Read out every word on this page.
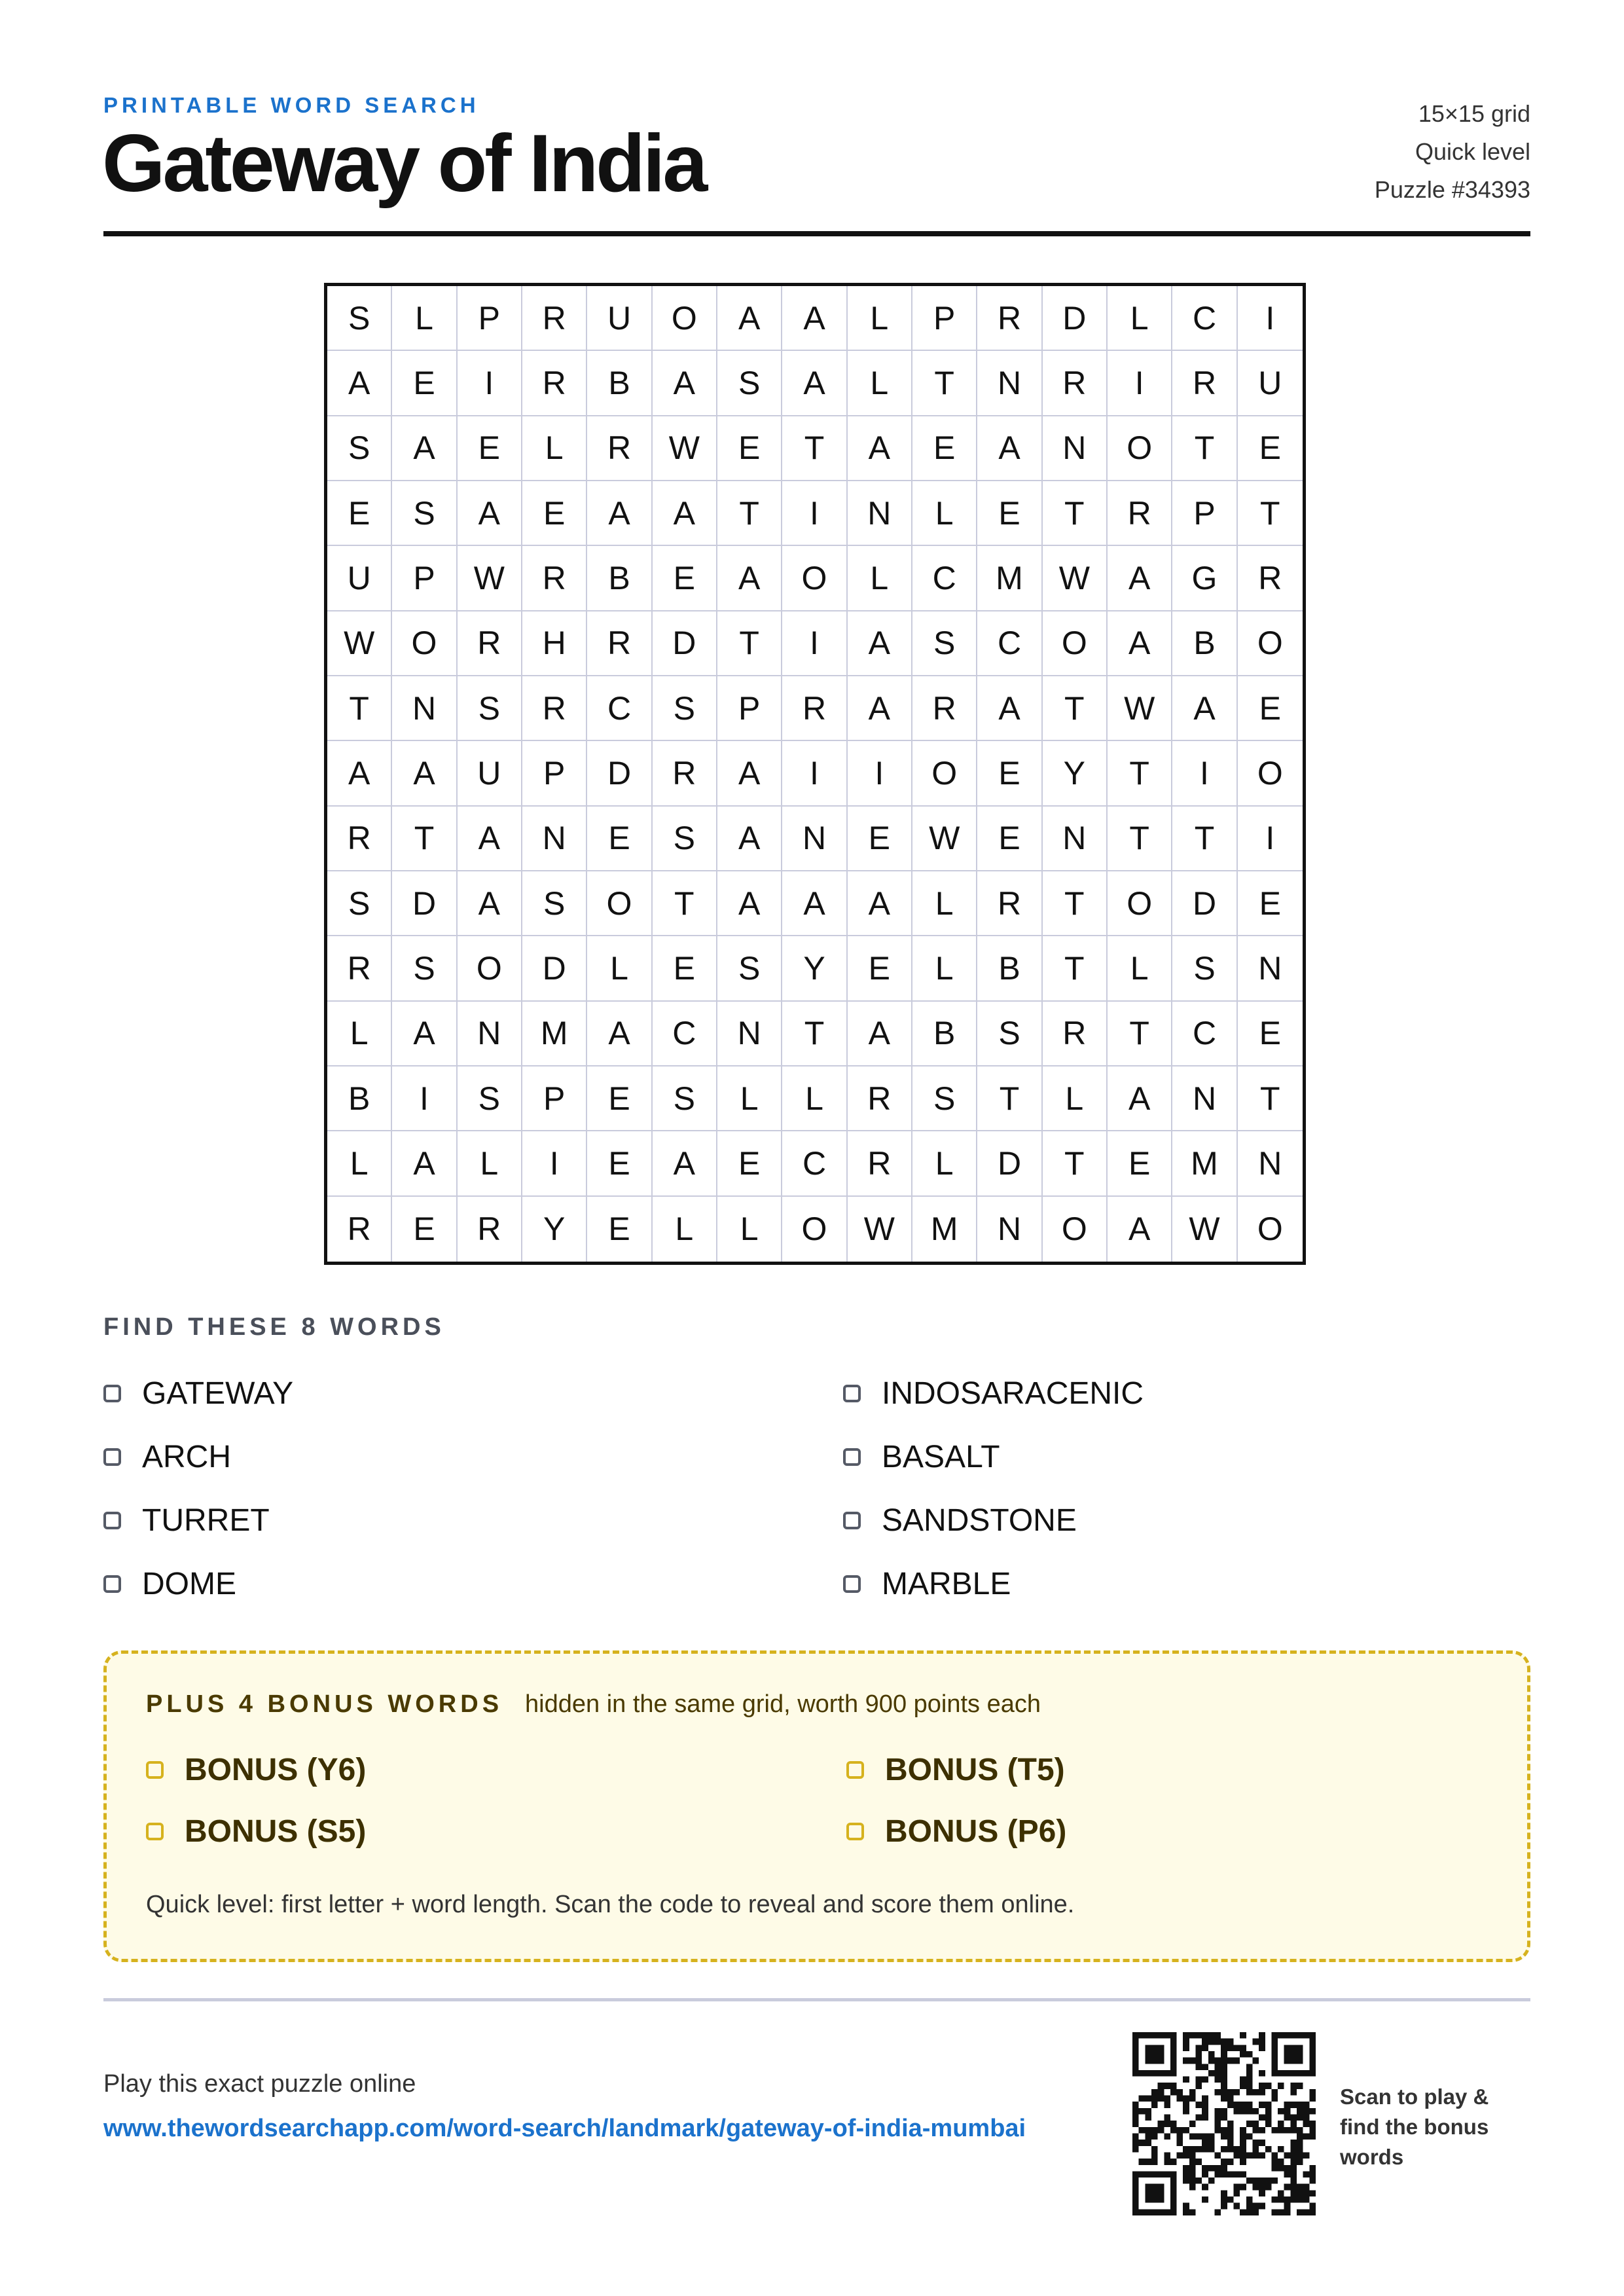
PRINTABLE WORD SEARCH
Gateway of India
15×15 grid
Quick level
Puzzle #34393
S	L	P	R	U	O	A	A	L	P	R	D	L	C	I
A	E	I	R	B	A	S	A	L	T	N	R	I	R	U
S	A	E	L	R	W	E	T	A	E	A	N	O	T	E
E	S	A	E	A	A	T	I	N	L	E	T	R	P	T
U	P	W	R	B	E	A	O	L	C	M	W	A	G	R
W	O	R	H	R	D	T	I	A	S	C	O	A	B	O
T	N	S	R	C	S	P	R	A	R	A	T	W	A	E
A	A	U	P	D	R	A	I	I	O	E	Y	T	I	O
R	T	A	N	E	S	A	N	E	W	E	N	T	T	I
S	D	A	S	O	T	A	A	A	L	R	T	O	D	E
R	S	O	D	L	E	S	Y	E	L	B	T	L	S	N
L	A	N	M	A	C	N	T	A	B	S	R	T	C	E
B	I	S	P	E	S	L	L	R	S	T	L	A	N	T
L	A	L	I	E	A	E	C	R	L	D	T	E	M	N
R	E	R	Y	E	L	L	O	W	M	N	O	A	W	O
FIND THESE 8 WORDS
GATEWAY	INDOSARACENIC
ARCH	BASALT
TURRET	SANDSTONE
DOME	MARBLE
PLUS 4 BONUS WORDS hidden in the same grid, worth 900 points each
BONUS (Y6)	BONUS (T5)
BONUS (S5)	BONUS (P6)
Quick level: first letter + word length. Scan the code to reveal and score them online.
Play this exact puzzle online
www.thewordsearchapp.com/word-search/landmark/gateway-of-india-mumbai
Scan to play & find the bonus words
